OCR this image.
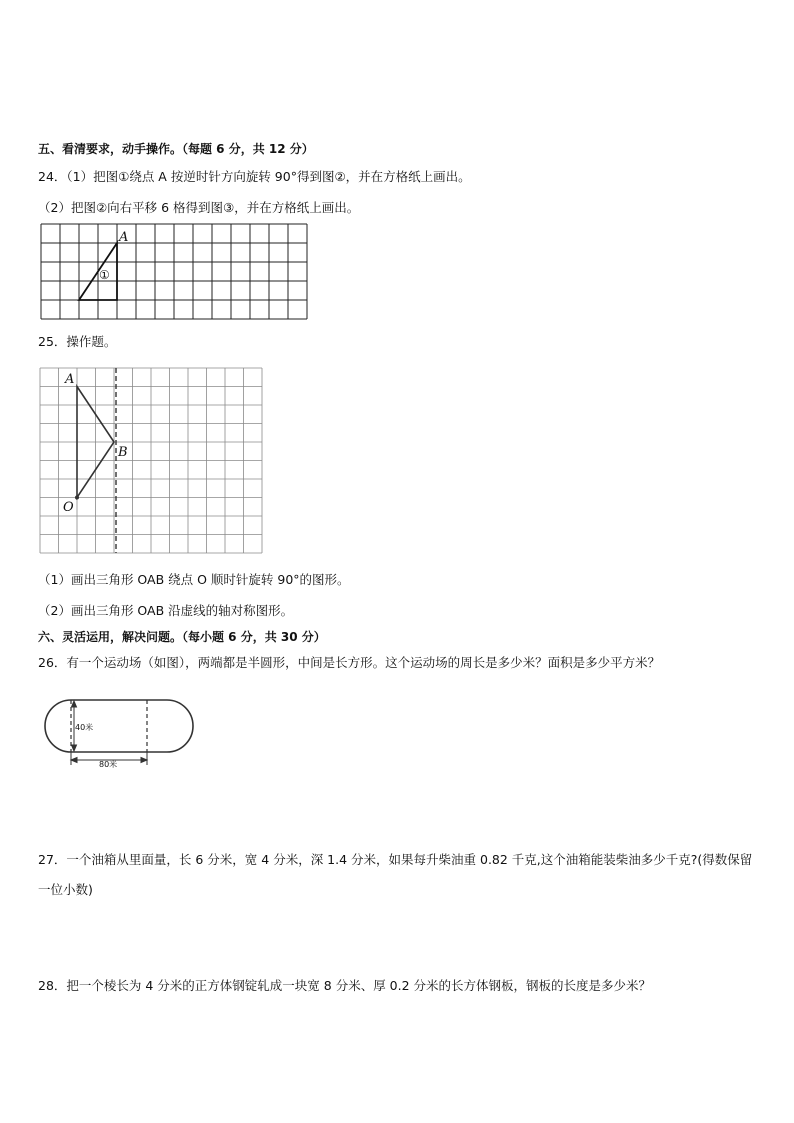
五、看清要求，动手操作。（每题 6 分，共 12 分）
24．（1）把图①绕点 A 按逆时针方向旋转 90°得到图②，并在方格纸上画出。
（2）把图②向右平移 6 格得到图③，并在方格纸上画出。
A
①
25．操作题。
A
B
O
（1）画出三角形 OAB 绕点 O 顺时针旋转 90°的图形。
（2）画出三角形 OAB 沿虚线的轴对称图形。
六、灵活运用，解决问题。（每小题 6 分，共 30 分）
26．有一个运动场（如图），两端都是半圆形，中间是长方形。这个运动场的周长是多少米？面积是多少平方米？
40米
80米
27．一个油箱从里面量，长 6 分米，宽 4 分米，深 1.4 分米，如果每升柴油重 0.82 千克,这个油箱能装柴油多少千克?(得数保留一位小数)
28．把一个棱长为 4 分米的正方体钢锭轧成一块宽 8 分米、厚 0.2 分米的长方体钢板，钢板的长度是多少米？
